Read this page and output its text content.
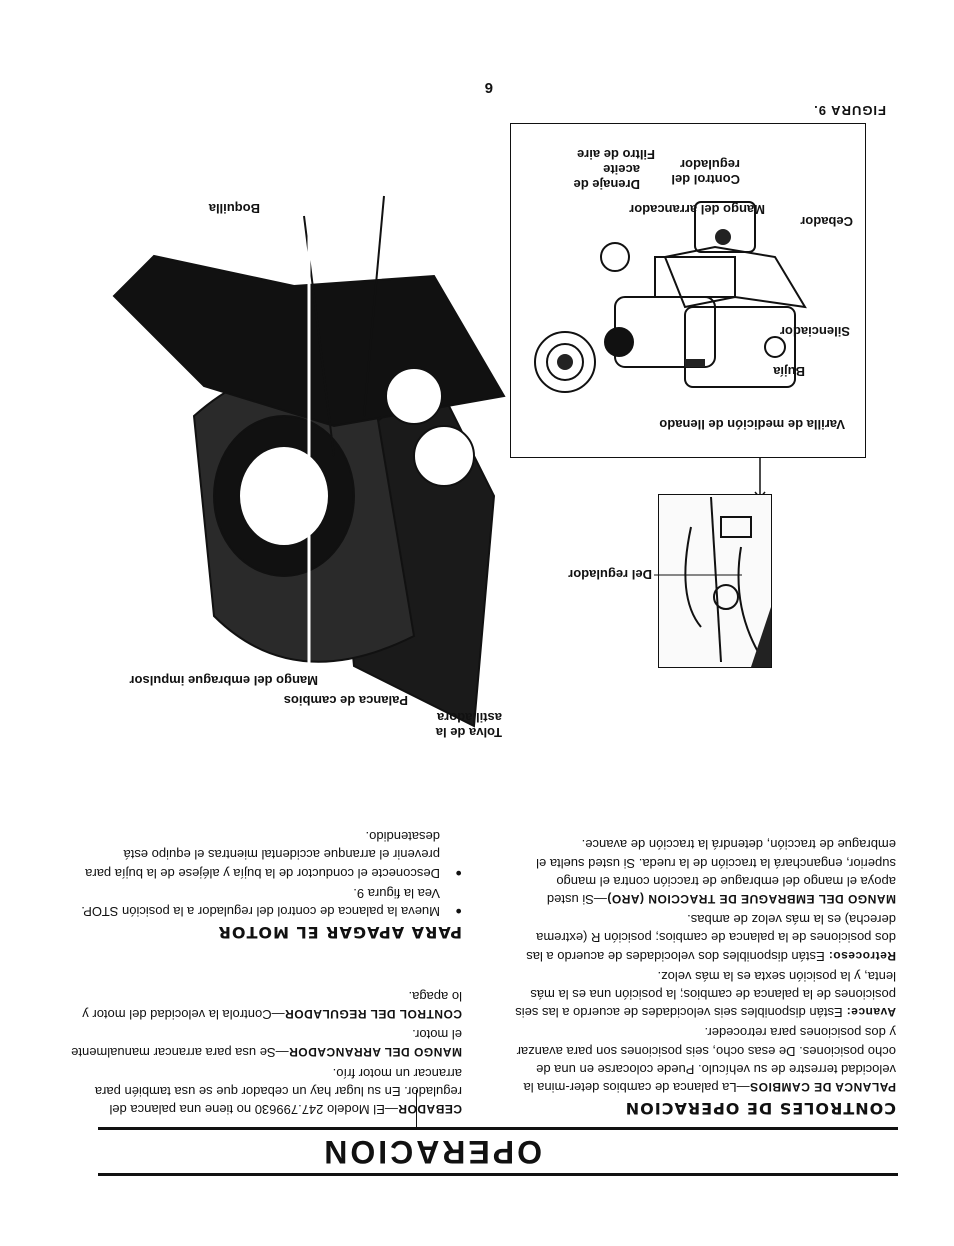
6
FIGURA 9.
OPERACION
CONTROLES DE OPERACION

PALANCA DE CAMBIOS—La palanca de cambios deter-mina la velocidad terrestre de su vehículo. Puede colocarse en una de ocho posiciones. De esas ocho, seis posiciones son para avanzar y dos posiciones para retroceder.

Avance: Están disponibles seis velocidades de acuerdo a las seis posiciones de la palanca de cambios; la posición una es la más lenta, y la posición sexta es la más veloz.

Retroceso: Están disponibles dos velocidades de acuerdo a las dos posiciones de la palanca de cambios; posición R (extrema derecha) es la más veloz de ambas.

MANGO DEL EMBRAGUE DE TRACCION (ARO)—Si usted apoya el mango del embrague de tracción contra el mango superior, enganchará la tracción de la rueda. Si usted suelta el embrague de tracción, detendrá la tracción de avance.

CEBADOR—El Modelo 247.799630 no tiene una palanca del regulador. En su lugar hay un cebador que se usa también para arrancar un motor frío.

MANGO DEL ARRANCADOR—Se usa para arrancar manualmente el motor.

CONTROL DEL REGULADOR—Controla la velocidad del motor y lo apaga.

PARA APAGAR EL MOTOR

● Mueva la palanca de control del regulador a la posición STOP. Vea la figura 9.

● Desconecte el conductor de la bujía y aléjese de la bujía para prevenir el arranque accidental mientras el equipo está desatendido.

Filtro de aire
Drenaje de aceite
Control del regulador
Mango del arrancador
Cebador
Silenciador
Bujía
Varilla de medición de llenado
Del regulador
Boquilla
Mango del embrague impulsor
Palanca de cambios
Tolva de la astilladora
